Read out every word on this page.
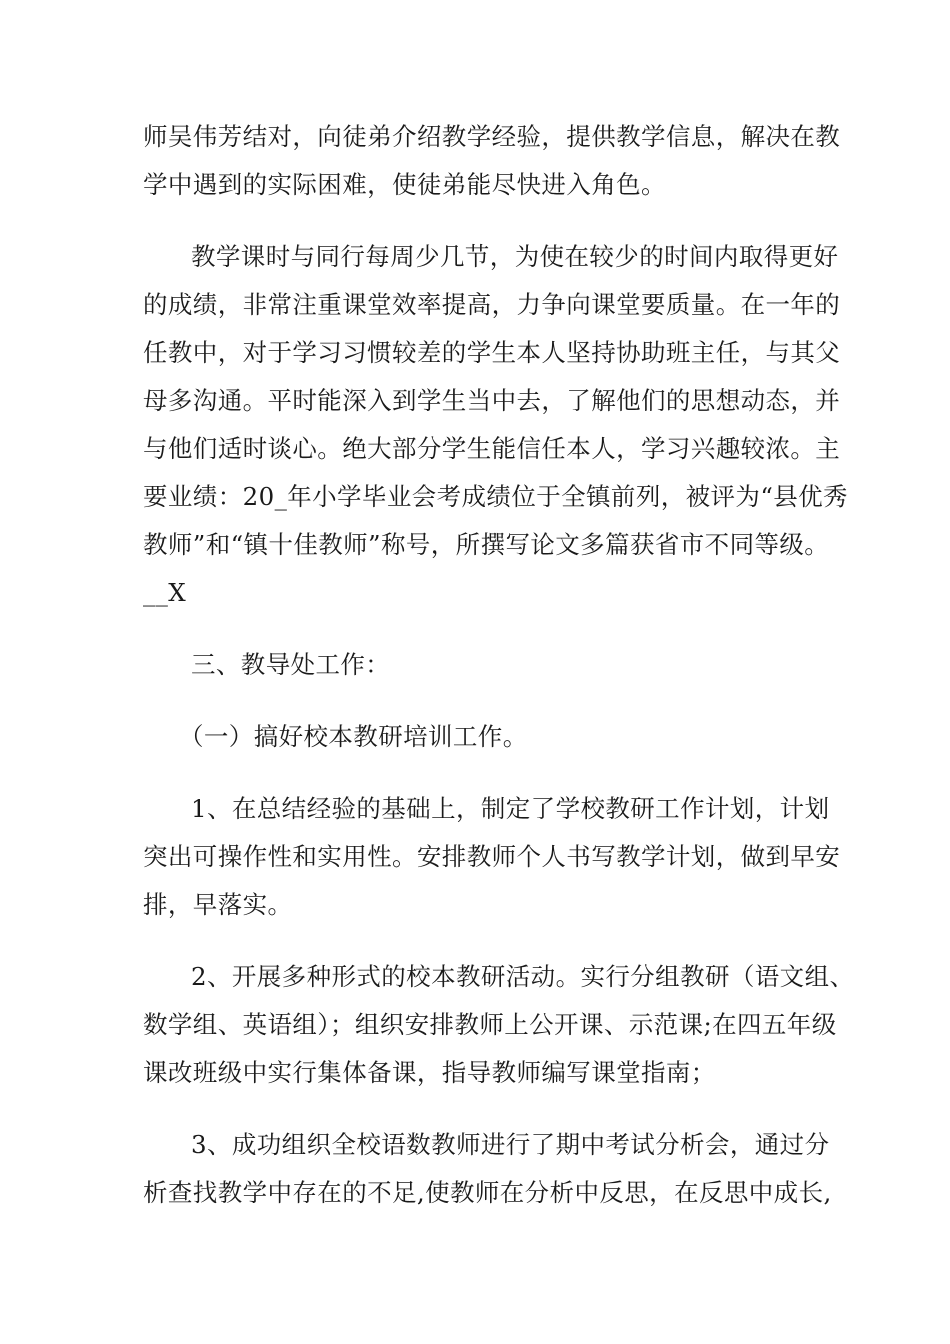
师吴伟芳结对，向徒弟介绍教学经验，提供教学信息，解决在教
学中遇到的实际困难，使徒弟能尽快进入角色。
教学课时与同行每周少几节，为使在较少的时间内取得更好
的成绩，非常注重课堂效率提高，力争向课堂要质量。在一年的
任教中，对于学习习惯较差的学生本人坚持协助班主任，与其父
母多沟通。平时能深入到学生当中去，了解他们的思想动态，并
与他们适时谈心。绝大部分学生能信任本人，学习兴趣较浓。主
要业绩：20_年小学毕业会考成绩位于全镇前列，被评为“县优秀
教师”和“镇十佳教师”称号，所撰写论文多篇获省市不同等级。
__X
三、教导处工作：
（一）搞好校本教研培训工作。
1、在总结经验的基础上，制定了学校教研工作计划，计划
突出可操作性和实用性。安排教师个人书写教学计划，做到早安
排，早落实。
2、开展多种形式的校本教研活动。实行分组教研（语文组、
数学组、英语组）；组织安排教师上公开课、示范课;在四五年级
课改班级中实行集体备课，指导教师编写课堂指南；
3、成功组织全校语数教师进行了期中考试分析会，通过分
析查找教学中存在的不足,使教师在分析中反思，在反思中成长,
